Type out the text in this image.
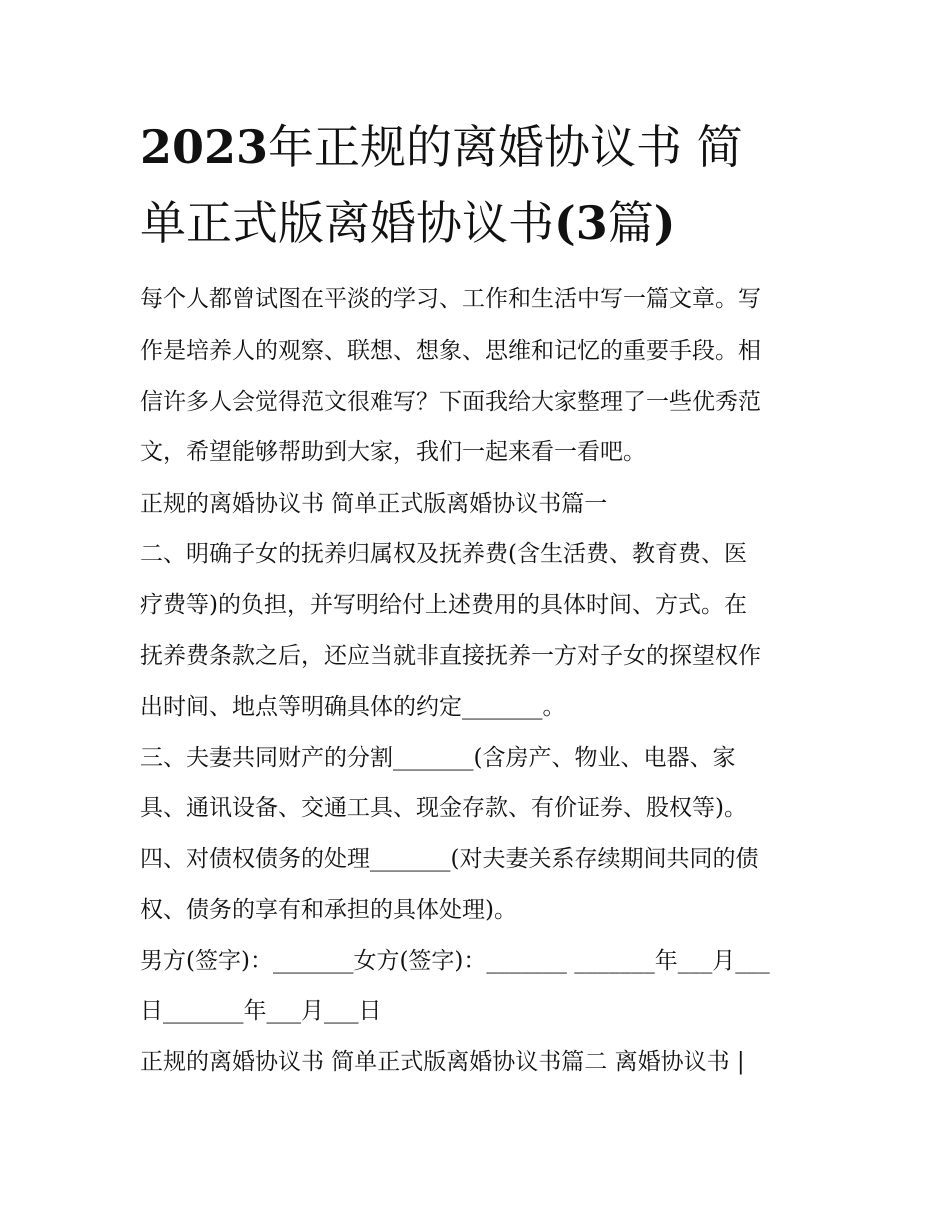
2023年正规的离婚协议书 简
单正式版离婚协议书(3篇)

每个人都曾试图在平淡的学习、工作和生活中写一篇文章。写

作是培养人的观察、联想、想象、思维和记忆的重要手段。相

信许多人会觉得范文很难写？下面我给大家整理了一些优秀范

文，希望能够帮助到大家，我们一起来看一看吧。

正规的离婚协议书 简单正式版离婚协议书篇一

二、明确子女的抚养归属权及抚养费(含生活费、教育费、医

疗费等)的负担，并写明给付上述费用的具体时间、方式。在

抚养费条款之后，还应当就非直接抚养一方对子女的探望权作

出时间、地点等明确具体的约定_______。

三、夫妻共同财产的分割_______(含房产、物业、电器、家

具、通讯设备、交通工具、现金存款、有价证券、股权等)。

四、对债权债务的处理_______(对夫妻关系存续期间共同的债

权、债务的享有和承担的具体处理)。

男方(签字)：_______女方(签字)：_______ _______年___月___

日_______年___月___日

正规的离婚协议书 简单正式版离婚协议书篇二 离婚协议书 |
